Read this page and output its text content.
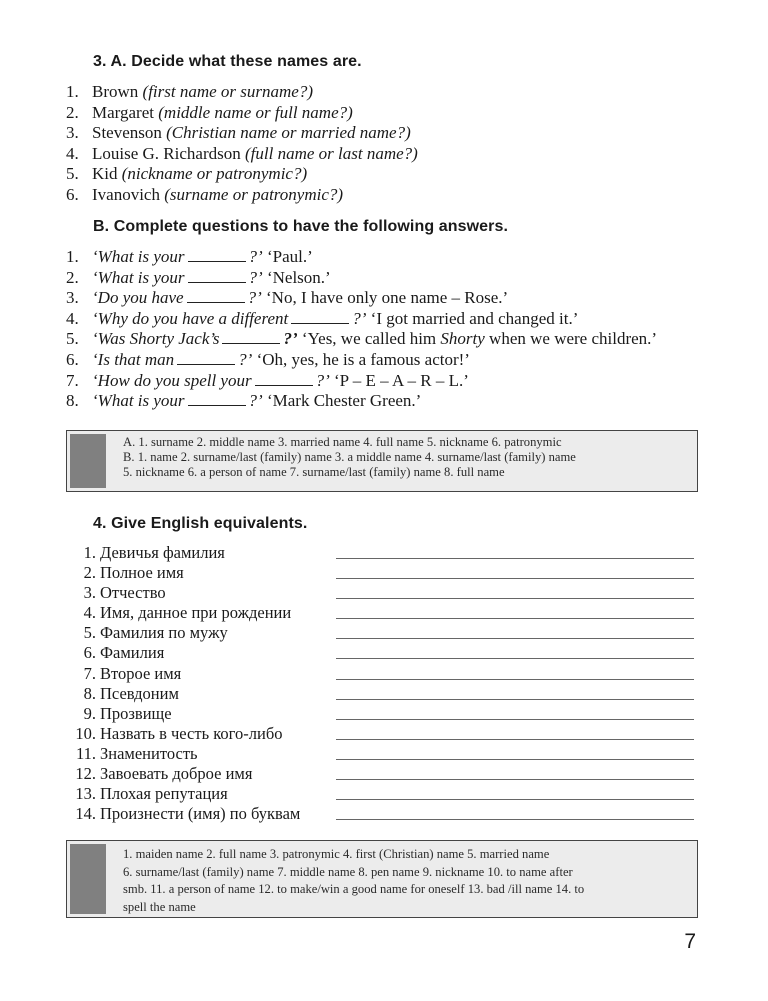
3. A. Decide what these names are.
1. Brown (first name or surname?)
2. Margaret (middle name or full name?)
3. Stevenson (Christian name or married name?)
4. Louise G. Richardson (full name or last name?)
5. Kid (nickname or patronymic?)
6. Ivanovich (surname or patronymic?)
B. Complete questions to have the following answers.
1. ‘What is your	?’ ‘Paul.’
2. ‘What is your	?’ ‘Nelson.’
3. ‘Do you have	?’ ‘No, I have only one name – Rose.’
4. ‘Why do you have a different	?’ ‘I got married and changed it.’
5. ‘Was Shorty Jack’s	?’ ‘Yes, we called him Shorty when we were children.’
6. ‘Is that man	?’ ‘Oh, yes, he is a famous actor!’
7. ‘How do you spell your	?’ ‘P – E – A – R – L.’
8. ‘What is your	?’ ‘Mark Chester Green.’
A. 1. surname 2. middle name 3. married name 4. full name 5. nickname 6. patronymic
B. 1. name 2. surname/last (family) name 3. a middle name 4. surname/last (family) name
5. nickname 6. a person of name 7. surname/last (family) name 8. full name
4. Give English equivalents.
1. Девичья фамилия
2. Полное имя
3. Отчество
4. Имя, данное при рождении
5. Фамилия по мужу
6. Фамилия
7. Второе имя
8. Псевдоним
9. Прозвище
10. Назвать в честь кого-либо
11. Знаменитость
12. Завоевать доброе имя
13. Плохая репутация
14. Произнести (имя) по буквам
1. maiden name 2. full name 3. patronymic 4. first (Christian) name 5. married name
6. surname/last (family) name 7. middle name 8. pen name 9. nickname 10. to name after
smb. 11. a person of name 12. to make/win a good name for oneself 13. bad /ill name 14. to
spell the name
7
